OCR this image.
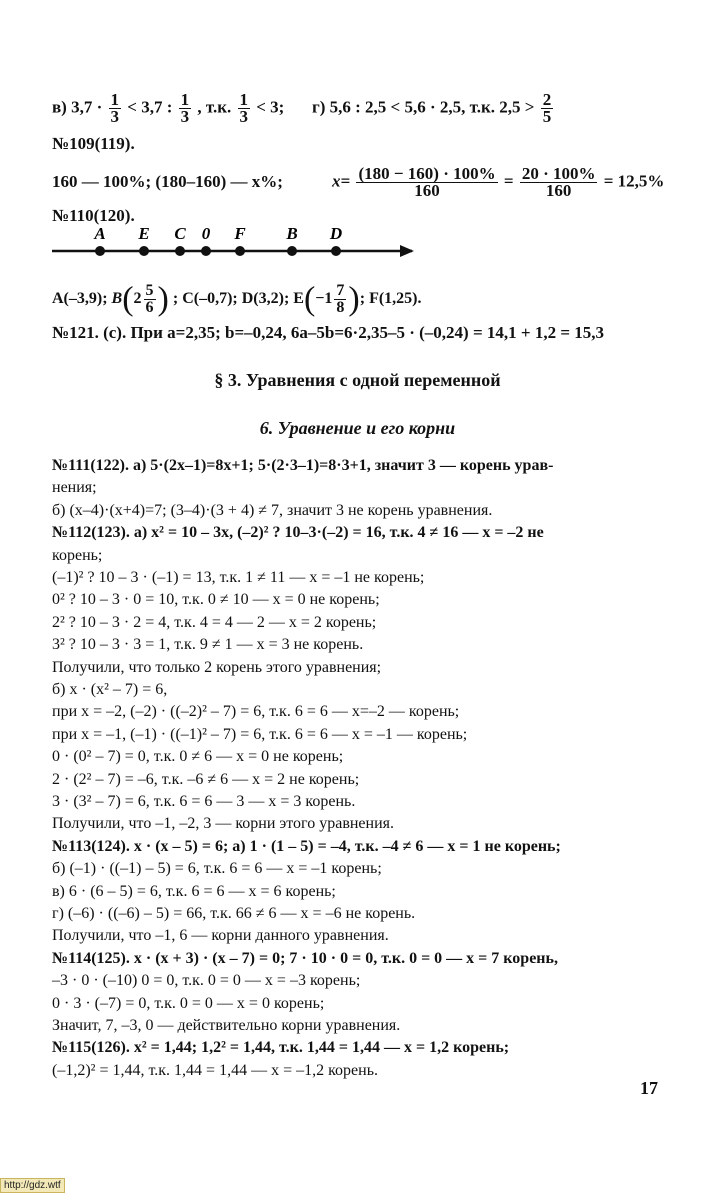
в) $3,7 \cdot \frac{1}{3} < 3,7$ : $\frac{1}{3}$ , т.к. $\frac{1}{3} < 3$; г) 5,6 : 2,5 < 5,6 · 2,5, т.к. $2,5 > \frac{2}{5}$
№109(119).
160 — 100%; (180–160) — x%;	$x= \frac{(180 - 160) \cdot 100\%}{160} = \frac{20 \cdot 100\%}{160} = 12,5\%$
№110(120).
A E C 0 F B D
A(–3,9); $B(2 \frac{5}{6}$ ) ; C(–0,7); D(3,2); $E(-1 \frac{7}{8}$ ); F(1,25).
№121. (с). При a=2,35; b=–0,24, 6a–5b=6·2,35–5 · (–0,24) = 14,1 + 1,2 = 15,3
§ 3. Уравнения с одной переменной
6. Уравнение и его корни
№111(122). а) 5·(2x–1)=8x+1; 5·(2·3–1)=8·3+1, значит 3 — корень урав-
нения;
б) (x–4)·(x+4)=7; (3–4)·(3 + 4) ≠ 7, значит 3 не корень уравнения.
№112(123). а) x² = 10 – 3x, (–2)² ? 10–3·(–2) = 16, т.к. 4 ≠ 16 — x = –2 не
корень;
(–1)² ? 10 – 3 · (–1) = 13, т.к. 1 ≠ 11 — x = –1 не корень;
0² ? 10 – 3 · 0 = 10, т.к. 0 ≠ 10 — x = 0 не корень;
2² ? 10 – 3 · 2 = 4, т.к. 4 = 4 — 2 — x = 2 корень;
3² ? 10 – 3 · 3 = 1, т.к. 9 ≠ 1 — x = 3 не корень.
Получили, что только 2 корень этого уравнения;
б) x · (x² – 7) = 6,
при x = –2, (–2) · ((–2)² – 7) = 6, т.к. 6 = 6 — x=–2 — корень;
при x = –1, (–1) · ((–1)² – 7) = 6, т.к. 6 = 6 — x = –1 — корень;
0 · (0² – 7) = 0, т.к. 0 ≠ 6 — x = 0 не корень;
2 · (2² – 7) = –6, т.к. –6 ≠ 6 — x = 2 не корень;
3 · (3² – 7) = 6, т.к. 6 = 6 — 3 — x = 3 корень.
Получили, что –1, –2, 3 — корни этого уравнения.
№113(124). x · (x – 5) = 6; а) 1 · (1 – 5) = –4, т.к. –4 ≠ 6 — x = 1 не корень;
б) (–1) · ((–1) – 5) = 6, т.к. 6 = 6 — x = –1 корень;
в) 6 · (6 – 5) = 6, т.к. 6 = 6 — x = 6 корень;
г) (–6) · ((–6) – 5) = 66, т.к. 66 ≠ 6 — x = –6 не корень.
Получили, что –1, 6 — корни данного уравнения.
№114(125). x · (x + 3) · (x – 7) = 0; 7 · 10 · 0 = 0, т.к. 0 = 0 — x = 7 корень,
–3 · 0 · (–10) 0 = 0, т.к. 0 = 0 — x = –3 корень;
0 · 3 · (–7) = 0, т.к. 0 = 0 — x = 0 корень;
Значит, 7, –3, 0 — действительно корни уравнения.
№115(126). x² = 1,44; 1,2² = 1,44, т.к. 1,44 = 1,44 — x = 1,2 корень;
(–1,2)² = 1,44, т.к. 1,44 = 1,44 — x = –1,2 корень.
17
http://gdz.wtf
